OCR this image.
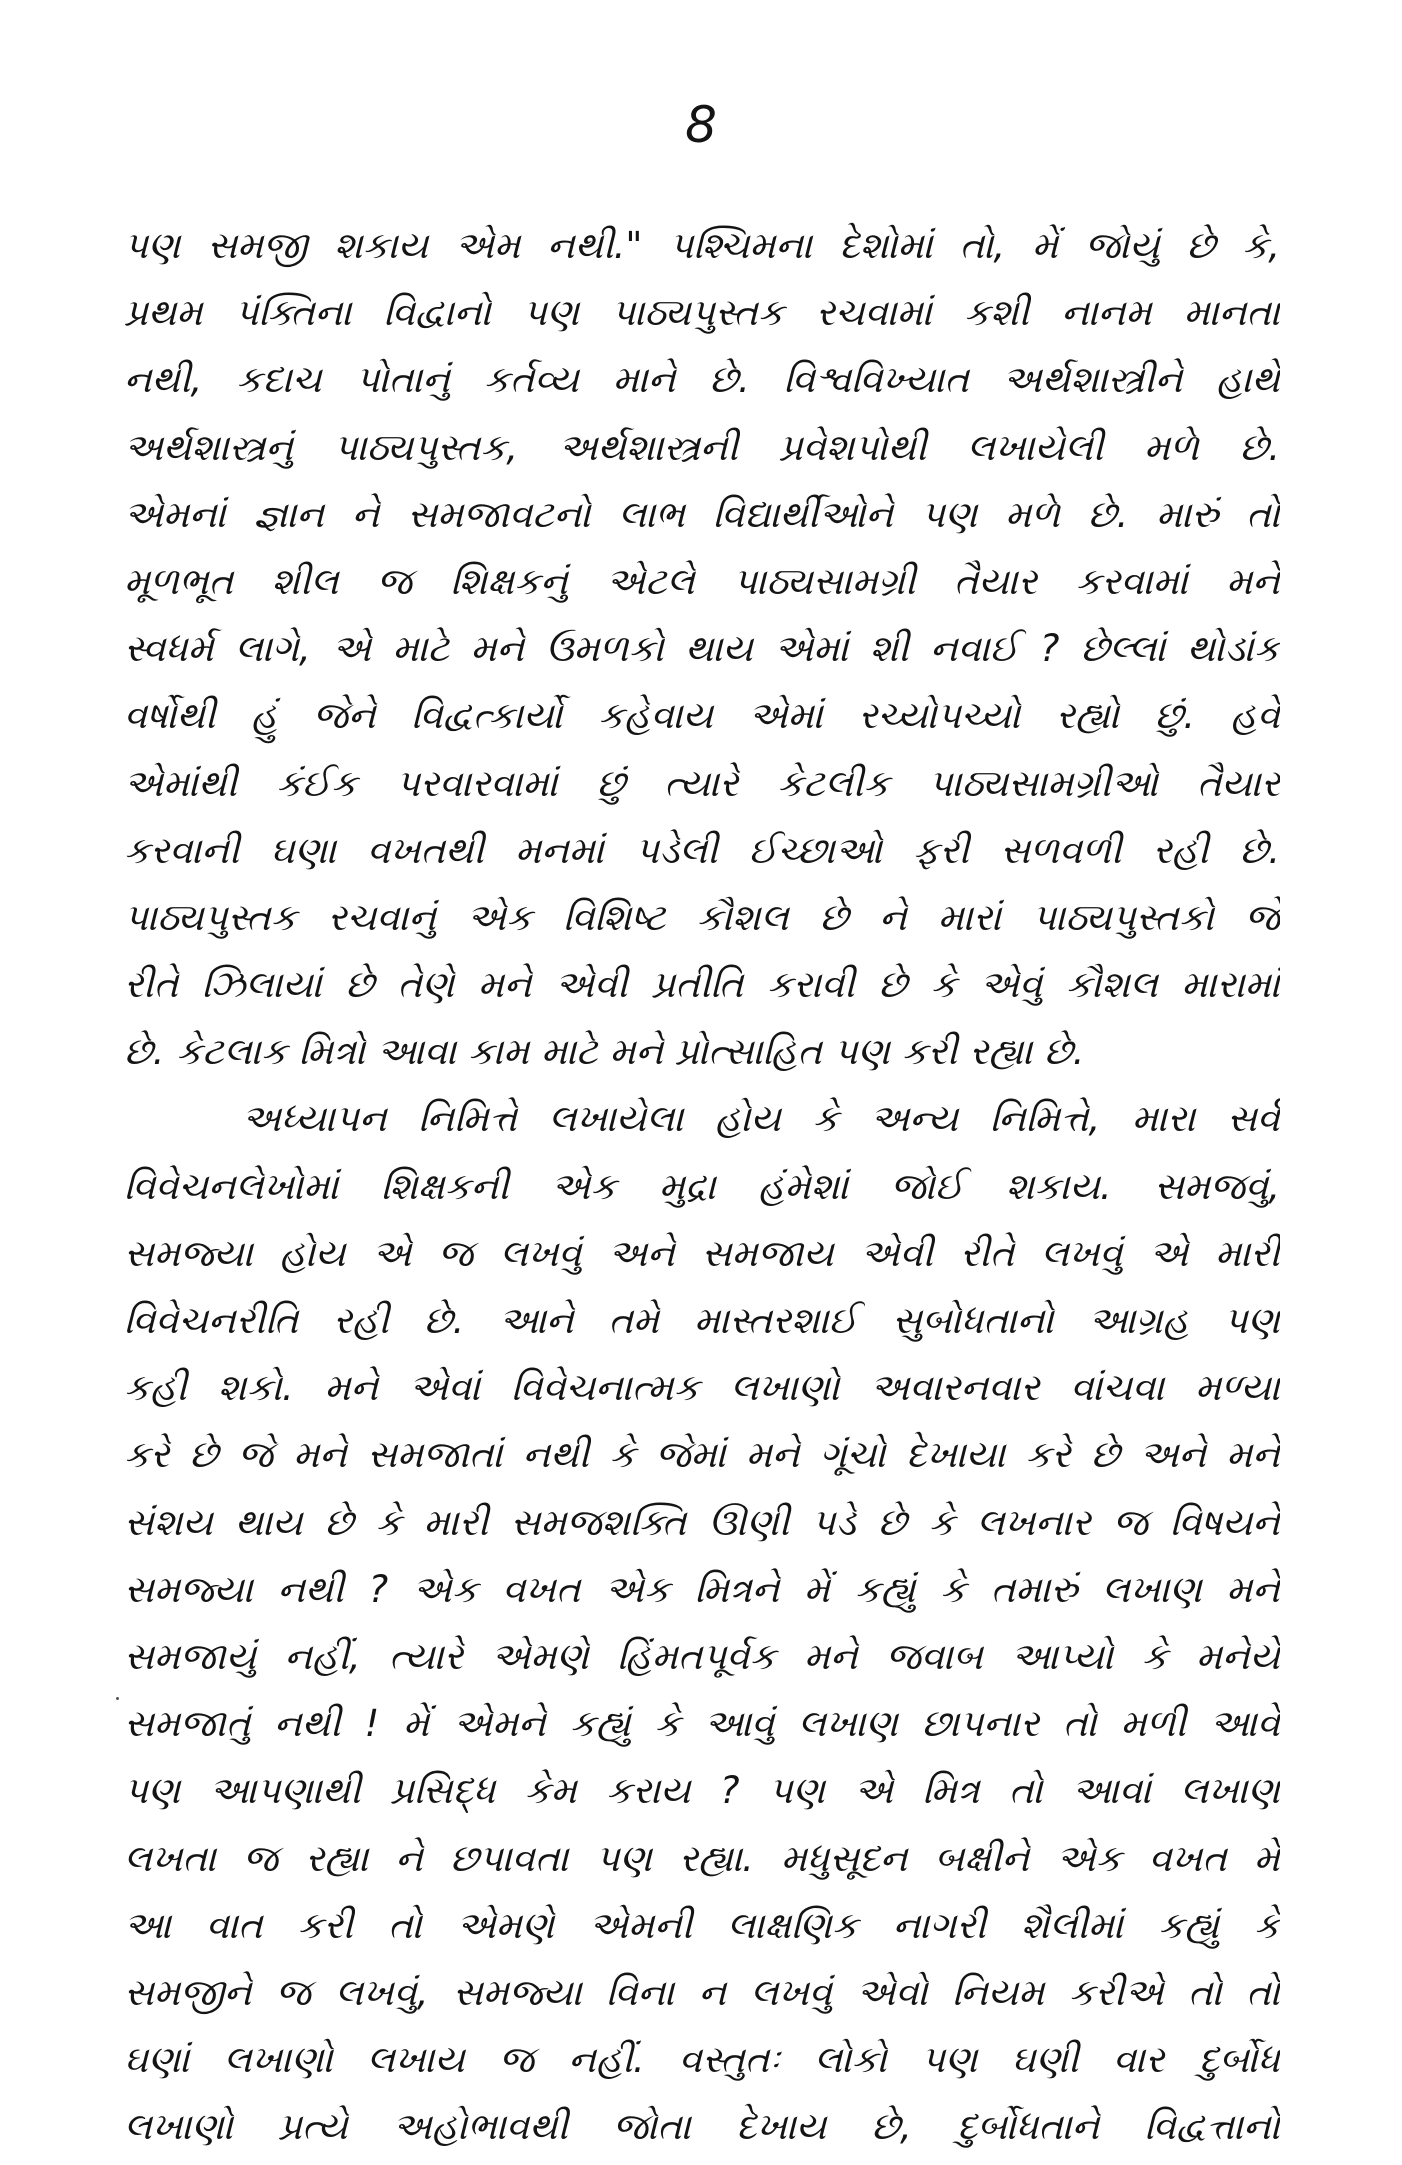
8
પણ સમજી શકાય એમ નથી." પશ્ચિમના દેશોમાં તો, મેં જોયું છે કે,
પ્રથમ પંક્તિના વિદ્વાનો પણ પાઠ્યપુસ્તક રચવામાં કશી નાનમ માનતા
નથી, કદાચ પોતાનું કર્તવ્ય માને છે. વિશ્વવિખ્યાત અર્થશાસ્ત્રીને હાથે
અર્થશાસ્ત્રનું પાઠ્યપુસ્તક, અર્થશાસ્ત્રની પ્રવેશપોથી લખાયેલી મળે છે.
એમનાં જ્ઞાન ને સમજાવટનો લાભ વિદ્યાર્થીઓને પણ મળે છે. મારું તો
મૂળભૂત શીલ જ શિક્ષકનું એટલે પાઠ્યસામગ્રી તૈયાર કરવામાં મને
સ્વધર્મ લાગે, એ માટે મને ઉમળકો થાય એમાં શી નવાઈ ? છેલ્લાં થોડાંક
વર્ષોથી હું જેને વિદ્વત્કાર્યો કહેવાય એમાં રચ્યોપચ્યો રહ્યો છું. હવે
એમાંથી કંઈક પરવારવામાં છું ત્યારે કેટલીક પાઠ્યસામગ્રીઓ તૈયાર
કરવાની ઘણા વખતથી મનમાં પડેલી ઈચ્છાઓ ફરી સળવળી રહી છે.
પાઠ્યપુસ્તક રચવાનું એક વિશિષ્ટ કૌશલ છે ને મારાં પાઠ્યપુસ્તકો જે
રીતે ઝિલાયાં છે તેણે મને એવી પ્રતીતિ કરાવી છે કે એવું કૌશલ મારામાં
છે. કેટલાક મિત્રો આવા કામ માટે મને પ્રોત્સાહિત પણ કરી રહ્યા છે.
અધ્યાપન નિમિત્તે લખાયેલા હોય કે અન્ય નિમિત્તે, મારા સર્વ
વિવેચનલેખોમાં શિક્ષકની એક મુદ્રા હંમેશાં જોઈ શકાય. સમજવું,
સમજ્યા હોય એ જ લખવું અને સમજાય એવી રીતે લખવું એ મારી
વિવેચનરીતિ રહી છે. આને તમે માસ્તરશાઈ સુબોધતાનો આગ્રહ પણ
કહી શકો. મને એવાં વિવેચનાત્મક લખાણો અવારનવાર વાંચવા મળ્યા
કરે છે જે મને સમજાતાં નથી કે જેમાં મને ગૂંચો દેખાયા કરે છે અને મને
સંશય થાય છે કે મારી સમજશક્તિ ઊણી પડે છે કે લખનાર જ વિષયને
સમજ્યા નથી ? એક વખત એક મિત્રને મેં કહ્યું કે તમારું લખાણ મને
સમજાયું નહીં, ત્યારે એમણે હિંમતપૂર્વક મને જવાબ આપ્યો કે મનેયે
સમજાતું નથી ! મેં એમને કહ્યું કે આવું લખાણ છાપનાર તો મળી આવે
પણ આપણાથી પ્રસિદ્ધ કેમ કરાય ? પણ એ મિત્ર તો આવાં લખાણ
લખતા જ રહ્યા ને છપાવતા પણ રહ્યા. મધુસૂદન બક્ષીને એક વખત મેં
આ વાત કરી તો એમણે એમની લાક્ષણિક નાગરી શૈલીમાં કહ્યું કે
સમજીને જ લખવું, સમજ્યા વિના ન લખવું એવો નિયમ કરીએ તો તો
ઘણાં લખાણો લખાય જ નહીં. વસ્તુતઃ લોકો પણ ઘણી વાર દુર્બોધ
લખાણો પ્રત્યે અહોભાવથી જોતા દેખાય છે, દુર્બોધતાને વિદ્વત્તાનો
